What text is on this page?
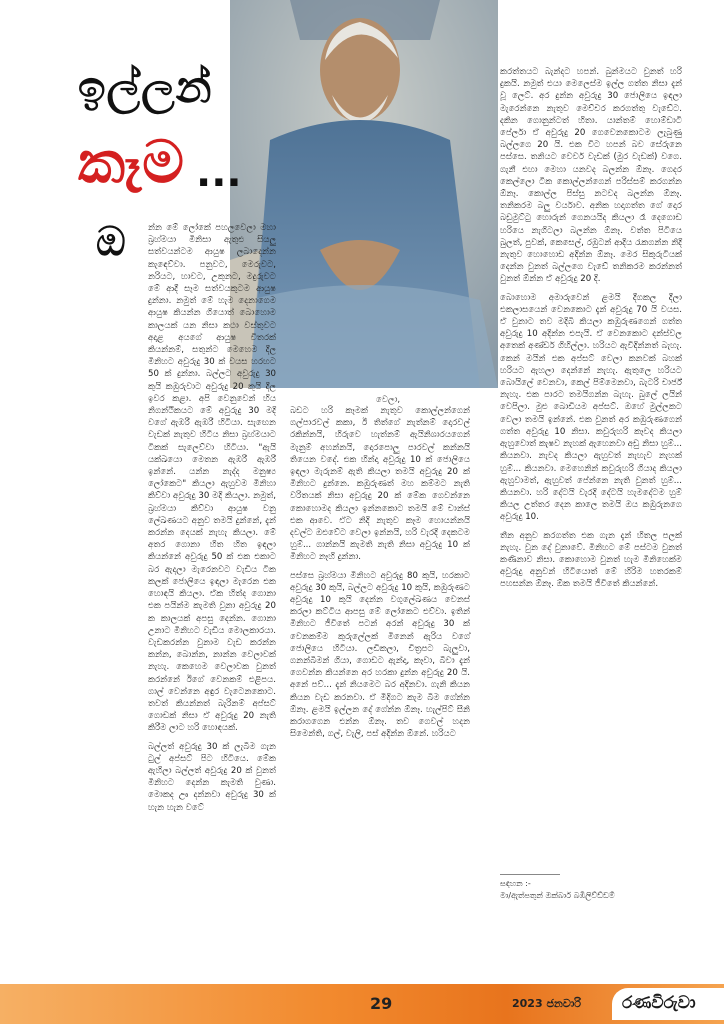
ඉල්ලන්
කෑම ...
ඔ	න්න මේ ලෝකේ පහලවෙලා මහා බ්‍රහ්මයා මිනිසා ඇතුළු සියලු සත්වයන්ටම ආයුෂ ලබාදෙන්න කැඳෙව්වා. පනුවට, මෙරුවට, නරියට, හාවට, උකුනට, මදුරුවට මේ ආදී සෑම සත්වයකුටම ආයුෂ දුන්නා. නමුත් මේ හැම දෙනාගෙම ආයුෂ කියන්න ගියොත් බොහොම කාලයක් යන නිසා කථා වස්තුවට අදාළ අයගේ ආයුෂ විතරක් කියන්නම්, සතුන්ට මෙහෙම දීල මිනිහට අවුරුදු 30 ක් වයස හරහට 50 ක් දුන්නා. බල්ලට අවුරුදු 30 කුයි කඹුරුවාට අවුරුදු 20 කුයි දීල ඉවර කළා. අපි වෙනුවෙන් හිය නිගන්ථිකයට මේ අවුරුදු 30 මදි වගේ ඇඹරී ඇඹරී හිටියා. සැඟෙන වැඩක් නැතුව හිටිය නිසා බ්‍රහ්මයාට ටිකක් සැලෙව්වා හිටියා. "ඇයි යක්ඛයො මෙතන ඇඹරී ඇඹරී ඉන්නේ. යන්න නැද්ද මනුෂ්‍ය ලෝකෙට" කියලා ඇහුවම මිනිහා කිව්වා අවුරුදු 30 මදි කියලා. නමුත්, බ්‍රහ්මයා කිව්වා ආයුෂ වනු ලේඛණයට අනුව තමයි දුන්නේ, දැන් කරන්න දෙයක් නැහැ කියලා. මේ අතර ගොනා හිත හිත ඉඳලා කියන්නේ අවුරුදු 50 ක් එක එකාට බර ඇදලා මැරෙනවට වැඩිය ටික කලක් ජොලියෙ ඉඳලා මැරෙන එක හොඳයි කියලා. ඒක හිත්ද ගොනා එක පයින්ම කැමති වුනා අවුරුදු 20 ක කාලයක් අපසු දෙන්න. ගොනා උනාට මිනිහට වැඩිය මොලකාරයා. වැඩකරන්න වුනාම වැඩ කරන්න කන්න, බොන්න, නාන්න වෙලාවක් නැහැ. කෙහෙම වෙලාවක වුනත් කරන්නේ ඊ‍ගේ වෙනකම් එළිපය. ගාල් වෙන්නෙ අඳුර වැටෙනකොට. තවත් කියන්නත් බැරිනම් අප්සට් ගොඩක් නිසා ඒ අවුරුදු 20 නැති කිරීම ලාට හරි හොඳයක්.

බල්ලත් අවුරුදු 30 ක් ලැබීම ගැන ටුල් අප්සට් පිට හිටියෙ. මේක ඇහිලා බල්ලත් අවුරුදු 20 ක් වුනත් මිනිහට දෙන්න කැමති වුණා. මොකද ඌ දන්නවා අවුරුදු 30 ක් හැන හැන වටේ

වෙලා,

බඩට හරි කෑමක් නැතුව කොල්ලන්ගෙන් ගල්පාරවල් කකා, ඊ තිත්ගේ නැත්නම් දොරවල් රකින්නයි, හිරුවෙ හැත්නම් ඇයිනිශාරයගෙන් මැනුම් අහන්නයි, දොරපොලු පාරවල් කන්නයි තියෙන වදේ. එක හින්දා අවුරුදු 10 ක් ජොලියෙ ඉඳලා මැරුනම් ඇති කියලා තමයි අවුරුදු 20 ක් මිනිහට දුන්නෙ. කඹුරුණත් මහ කම්මට නැති වරිතයක් නිසා අවුරුදු 20 ක් මේක ගෙවන්නෙ කොහොමද කියලා ඉන්නකොට තමයි මේ චාන්ස් එක ආවෙ. ඒට නිදි නැතුව කෑම හොයන්නයි දවල්ට ඔළුවේට වෙලා ඉන්නයි, හරි වැරදි දෙකටම හුම්... ගාන්නයි කැමති නැති නිසා අවුරුදු 10 ක් මිනිහට නෑහි දුන්නා.

පස්සෙ බ්‍රහ්මයා මිනිහට අවුරුදු 80 කුයි, හරකාට අවුරුදු 30 කුයි, බල්ලට අවුරුදු 10 කුයි, කඹුරුණට අවුරුදු 10 කුයි දෙන්න වගුලේඛණය වෙනස් කරලා කට්ටිය ආපසු මේ ලෝකෙට එව්වා. ඉතින් මිනිහට ජීවිතේ පටන් අරන් අවුරුදු 30 ක් වෙනකම්ම කුරුලේලක් මිනෙන් ඇරිය වගේ ජොලියෙ හිටියා. ලඩිකලා, චිත්‍රපට බැලුවා, ගනන්බිමන් ගියා, ගොඩට ඇන්දා, කෑවා, බීවා දැන් ගෙවන්න කියන්නෙ අර හරකා දුන්න අවුරුදු 20 යි. අනේ පව්... දැන් නියමෙට බර අදිනවා. ගැනි කියන කියන වැඩ කරනවා. ඒ මිදිගට කැම බිම ගේන්න ඕනෑ. ළමයි ඉල්ලන දේ ගේන්න ඕනෑ. හැල්පිට් සීනි කරාගගෙන එන්න ඕනෑ. තව ගෙවල් හදන සිමෙන්ති, ගල්, වැලි, පස් අදින්න ඕනේ. හරියට

කරත්තයට බැන්දට හපන්. බුන්මයට වුනත් හරි දුකයි. නමුත් එයා මෙලෙස්ම ඉල්ල ගත්ත නිසා දැන් වූ ලෙට්. අර දුන්න අවුරුදු 30 ජොලියෙ ඉඳලා මැරෙන්නෙ නැතුව මෙච්චර කරගත්තු වැඩේට. දකින ගොනුන්ටත් හිතා. යාන්තම් හොම්ඩාටි පේර්ලා ඒ අවුරුදු 20 ගෙවෙනකොටම ලැබුණු බල්ලගෙ 20 යි. එක විට හපන් බව සේරුනෙ පස්සෙ. තනියට වෙවර් වැඩක් (මුර වැඩක්) වගෙ. ගැනී එහා මෙහා යනවද බලන්න ඕනෑ. ගෙදර කෙල්ලො ටික කොල්ලන්ගෙන් පරිස්සම් කරගන්න ඕනෑ. කොල්ල පිස්සු නටවද බලන්න ඕනෑ. තනිකරම බලු වර්යාව. අනික හදාගත්ත ගේ දොර බඩුමුට්ටු හොරුන් ගෙනයයිද කියලා රෑ දෙගොඩ හරියෙ නැගිටලා බලන්න ඕනෑ. වත්ත පිටියෙ බුලත්, පුවක්, කෙසෙල්, රඹුටන් ආදිය රැකගන්න නිදි නැතුව හොහොඩ අදින්න ඕනෑ. මෙර සිකුරුටියක් දෙන්න වුනත් බල්ලගෙ වැඩේ තනිකරම කරන්නත් වුනත් ඕන්න ඒ අවුරුදු 20 දි.

බොහොම අමාරුවෙන් ළමයි දීගකල දීලා එකලාසයෙන් වෙනකොට දැන් අවුරුදු 70 යි වයස. ඒ වුනාට තව මදිබි කියලා කඹුරුණගෙන් ගත්ත අවුරුදු 10 අදින්න එපැයි. ඒ වෙනකොට දන්ස්වල අතෙක් අණ්ඩර් ගිහිල්ලා. හරියට ඇවිදින්නත් බැහැ. කෙන් මයින් එක අප්සට් වෙලා කනවක් බහක් හරියට ඇහලා දෙන්නේ නැහැ. ඇතුලෙ හරියට බොයිලේ වෙනවා, කෙල් පිම්මෙනවා, බැටරි චාර්ජ් නැහැ. එක පාරට තමයිගන්න බැහැ. බුලේ ලයින් වෙපිලා. මුළු බොඩියම අප්සට්. ඔහේ මුල්ලකට වෙලා තමයි ඉන්නේ. එක වුනත් අර කඹුරුණගෙන් ගත්ත අවුරුදු 10 නිසා. කවුරුහරි කෑවද කියලා ඇහුවොත් කැෂව නැහක් ඇහෙනවා අඩු නිසා හුම්... කියනවා. නැවද කියලා ඇහුවත් නැහැව නැහක් හුම්... කියනවා. මෙහෙනින් කවුරුහරි ගියාද කියලා ඇහුවාමත්, ඇහුවත් පේන්නෙ නැති වුනත් හුම්... කියනවා. හරි දේටයි වැරදි දේටයි හැමදේටම හුම් කියල උත්තර දෙන කාලෙ තමයි ඔය කඹුරුනගෙ අවුරුදු 10.

තීන අනුව කරගත්ත එක ගැන දැන් හිතල පලක් නැහැ. වුන දේ වුනාවේ. මිනිහට මේ පස්ටම වුනත් කණිනාව නිසා. කොහොම වුනත් හැම මිනිහෙක්ම අවුරුදු අනුවන් හිටියොත් මේ හිරිම හතරකම් පහසන්න ඕනෑ. ඕක තමයි ජීවිතේ කියන්නේ.

සඳහන :-
මා/ඇත්පතුන් ඔක්බාර් බඹිලිව්ඩ්ඩම්
29	2023 ජනවාරි රණවිරුවා
